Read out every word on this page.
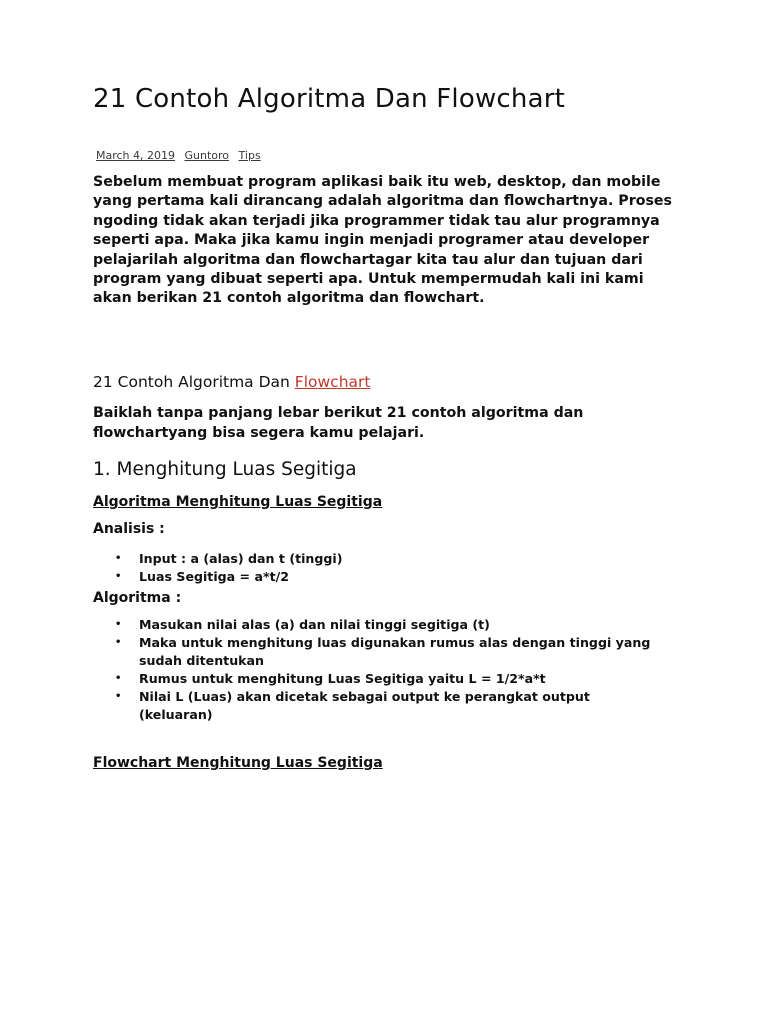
21 Contoh Algoritma Dan Flowchart
March 4, 2019 Guntoro Tips

Sebelum membuat program aplikasi baik itu web, desktop, dan mobile yang pertama kali dirancang adalah algoritma dan flowchartnya. Proses ngoding tidak akan terjadi jika programmer tidak tau alur programnya seperti apa. Maka jika kamu ingin menjadi programer atau developer pelajarilah algoritma dan flowchartagar kita tau alur dan tujuan dari program yang dibuat seperti apa. Untuk mempermudah kali ini kami akan berikan 21 contoh algoritma dan flowchart.

21 Contoh Algoritma Dan Flowchart

Baiklah tanpa panjang lebar berikut 21 contoh algoritma dan flowchartyang bisa segera kamu pelajari.

1. Menghitung Luas Segitiga

Algoritma Menghitung Luas Segitiga

Analisis :

• Input : a (alas) dan t (tinggi)
• Luas Segitiga = a*t/2

Algoritma :

• Masukan nilai alas (a) dan nilai tinggi segitiga (t)
• Maka untuk menghitung luas digunakan rumus alas dengan tinggi yang sudah ditentukan
• Rumus untuk menghitung Luas Segitiga yaitu L = 1/2*a*t
• Nilai L (Luas) akan dicetak sebagai output ke perangkat output (keluaran)

Flowchart Menghitung Luas Segitiga
